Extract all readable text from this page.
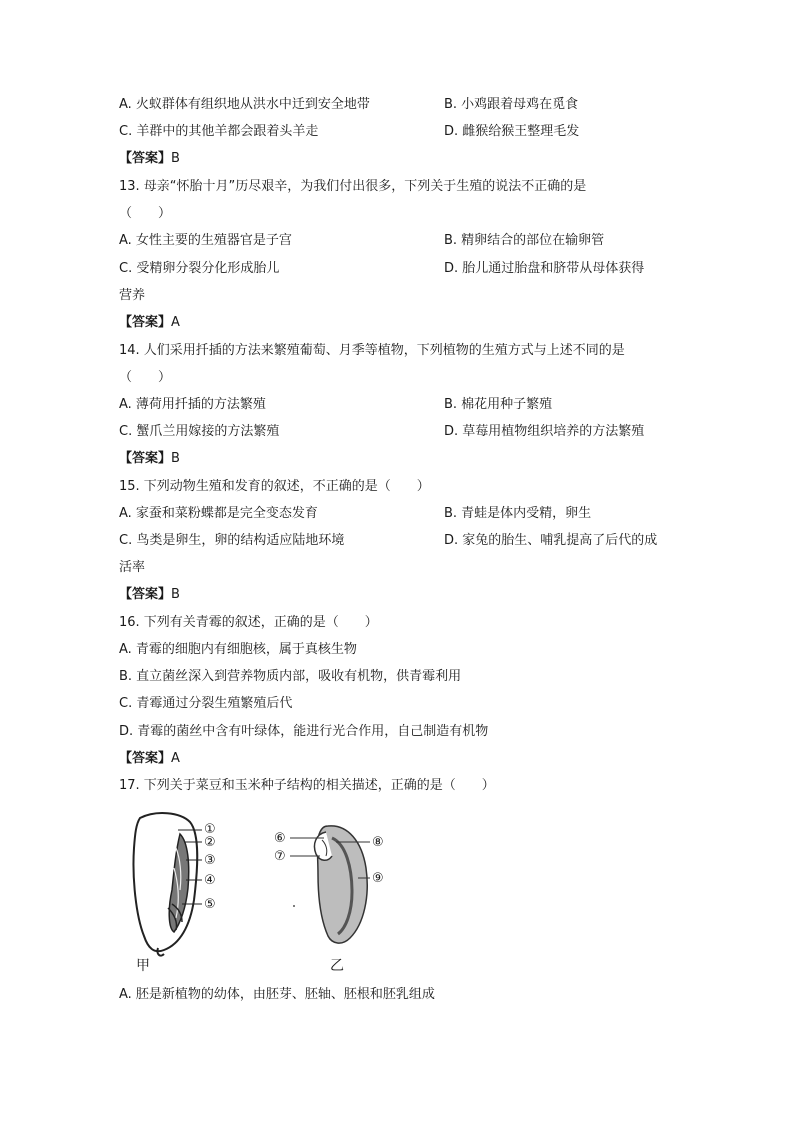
A. 火蚁群体有组织地从洪水中迁到安全地带	B. 小鸡跟着母鸡在觅食
C. 羊群中的其他羊都会跟着头羊走	D. 雌猴给猴王整理毛发
【答案】B
13. 母亲“怀胎十月”历尽艰辛，为我们付出很多，下列关于生殖的说法不正确的是
（　　）
A. 女性主要的生殖器官是子宫	B. 精卵结合的部位在输卵管
C. 受精卵分裂分化形成胎儿	D. 胎儿通过胎盘和脐带从母体获得
营养
【答案】A
14. 人们采用扦插的方法来繁殖葡萄、月季等植物，下列植物的生殖方式与上述不同的是
（　　）
A. 薄荷用扦插的方法繁殖	B. 棉花用种子繁殖
C. 蟹爪兰用嫁接的方法繁殖	D. 草莓用植物组织培养的方法繁殖
【答案】B
15. 下列动物生殖和发育的叙述，不正确的是（　　）
A. 家蚕和菜粉蝶都是完全变态发育	B. 青蛙是体内受精，卵生
C. 鸟类是卵生，卵的结构适应陆地环境	D. 家兔的胎生、哺乳提高了后代的成
活率
【答案】B
16. 下列有关青霉的叙述，正确的是（　　）
A. 青霉的细胞内有细胞核，属于真核生物
B. 直立菌丝深入到营养物质内部，吸收有机物，供青霉利用
C. 青霉通过分裂生殖繁殖后代
D. 青霉的菌丝中含有叶绿体，能进行光合作用，自己制造有机物
【答案】A
17. 下列关于菜豆和玉米种子结构的相关描述，正确的是（　　）
①
②
③
④
⑤
甲
⑥
⑦
⑧
⑨
乙
A. 胚是新植物的幼体，由胚芽、胚轴、胚根和胚乳组成
